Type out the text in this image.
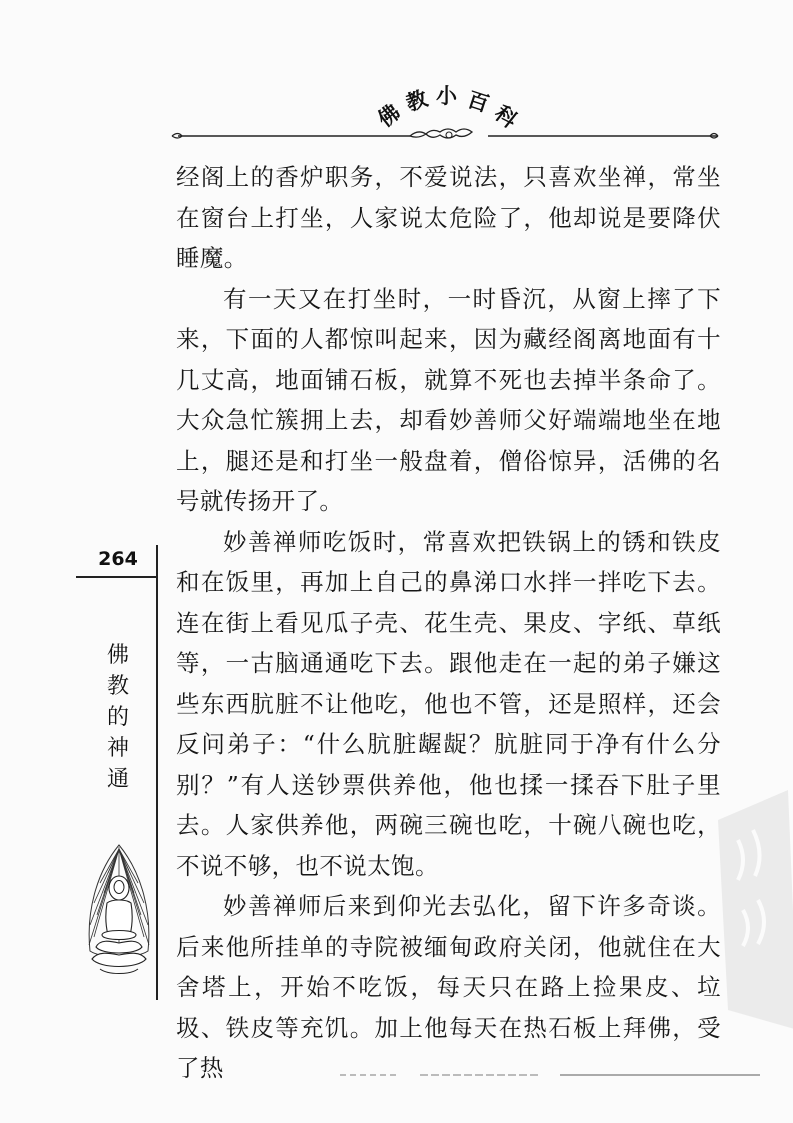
佛
教 小 百
科

经阁上的香炉职务，不爱说法，只喜欢坐禅，常坐在窗台上打坐，人家说太危险了，他却说是要降伏睡魔。

有一天又在打坐时，一时昏沉，从窗上摔了下来，下面的人都惊叫起来，因为藏经阁离地面有十几丈高，地面铺石板，就算不死也去掉半条命了。大众急忙簇拥上去，却看妙善师父好端端地坐在地上，腿还是和打坐一般盘着，僧俗惊异，活佛的名号就传扬开了。

妙善禅师吃饭时，常喜欢把铁锅上的锈和铁皮和在饭里，再加上自己的鼻涕口水拌一拌吃下去。连在街上看见瓜子壳、花生壳、果皮、字纸、草纸等，一古脑通通吃下去。跟他走在一起的弟子嫌这些东西肮脏不让他吃，他也不管，还是照样，还会反问弟子：“什么肮脏龌龊？肮脏同于净有什么分别？”有人送钞票供养他，他也揉一揉吞下肚子里去。人家供养他，两碗三碗也吃，十碗八碗也吃，不说不够，也不说太饱。

妙善禅师后来到仰光去弘化，留下许多奇谈。后来他所挂单的寺院被缅甸政府关闭，他就住在大舍塔上，开始不吃饭，每天只在路上捡果皮、垃圾、铁皮等充饥。加上他每天在热石板上拜佛，受了热

264
佛
教
的
神
通
